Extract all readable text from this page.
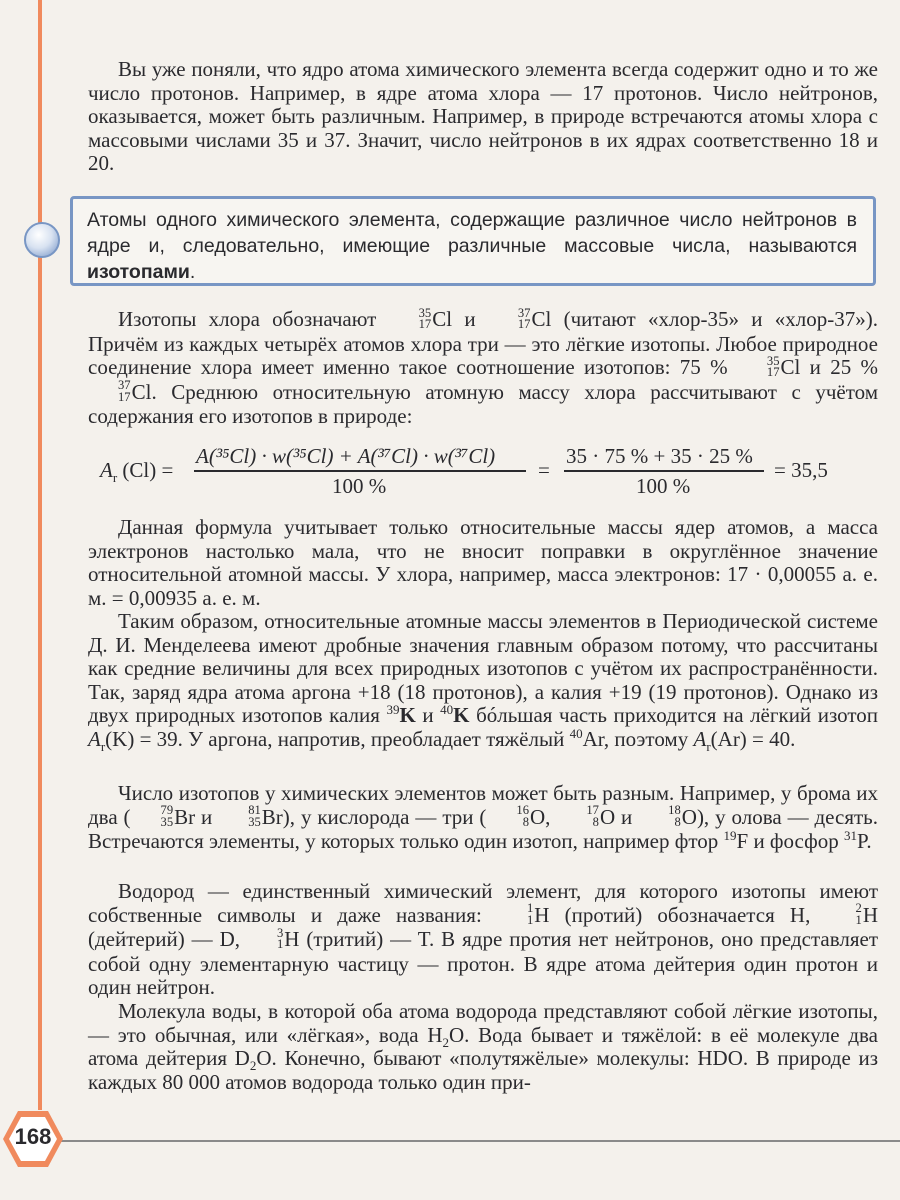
Вы уже поняли, что ядро атома химического элемента всегда содержит одно и то же число протонов. Например, в ядре атома хлора — 17 протонов. Число нейтронов, оказывается, может быть различным. Например, в природе встречаются атомы хлора с массовыми числами 35 и 37. Значит, число нейтронов в их ядрах соответственно 18 и 20.

Атомы одного химического элемента, содержащие различное число нейтронов в ядре и, следовательно, имеющие различные массовые числа, называются изотопами.

Изотопы хлора обозначают	35
17 Cl и	37
17 Cl (читают «хлор-35» и «хлор-37»). Причём из каждых четырёх атомов хлора три — это лёгкие изотопы. Любое природное соединение хлора имеет именно такое соотношение изотопов: 75 %	35
17 Cl и 25 %
37
17 Cl. Среднюю относительную атомную массу хлора рассчитывают с учётом содержания его изотопов в природе:

$A_r$ (Cl) =
A(³⁵Cl) · w(³⁵Cl) + A(³⁷Cl) · w(³⁷Cl)
100 %
=
35 · 75 % + 35 · 25 %
100 %
= 35,5

Данная формула учитывает только относительные массы ядер атомов, а масса электронов настолько мала, что не вносит поправки в округлённое значение относительной атомной массы. У хлора, например, масса электронов: 17 · 0,00055 а. е. м. = 0,00935 а. е. м.

Таким образом, относительные атомные массы элементов в Периодической системе Д. И. Менделеева имеют дробные значения главным образом потому, что рассчитаны как средние величины для всех природных изотопов с учётом их распространённости. Так, заряд ядра атома аргона +18 (18 протонов), а калия +19 (19 протонов). Однако из двух природных изотопов калия $^{39}$K и $^{40}$K бóльшая часть приходится на лёгкий изотоп $A_r(K) = 39$. У аргона, напротив, преобладает тяжёлый $^{40}$Ar, поэтому $A_r(Ar) = 40$.

Число изотопов у химических элементов может быть разным. Например, у брома их два (	79
35 Br и	81
35 Br), у кислорода — три (	16
8 O,	17
8 O и	18
8 O), у олова — десять. Встречаются элементы, у которых только один изотоп, например фтор $^{19}$F и фосфор $^{31}$P.

Водород — единственный химический элемент, для которого изотопы имеют собственные символы и даже названия:	1
1 H (протий) обозначается H,	2
1 H (дейтерий) — D,	3
1 H (тритий) — T. В ядре протия нет нейтронов, оно представляет собой одну элементарную частицу — протон. В ядре атома дейтерия один протон и один нейтрон.

Молекула воды, в которой оба атома водорода представляют собой лёгкие изотопы, — это обычная, или «лёгкая», вода $H_2O$. Вода бывает и тяжёлой: в её молекуле два атома дейтерия $D_2O$. Конечно, бывают «полутяжёлые» молекулы: HDO. В природе из каждых 80 000 атомов водорода только один при-

168
